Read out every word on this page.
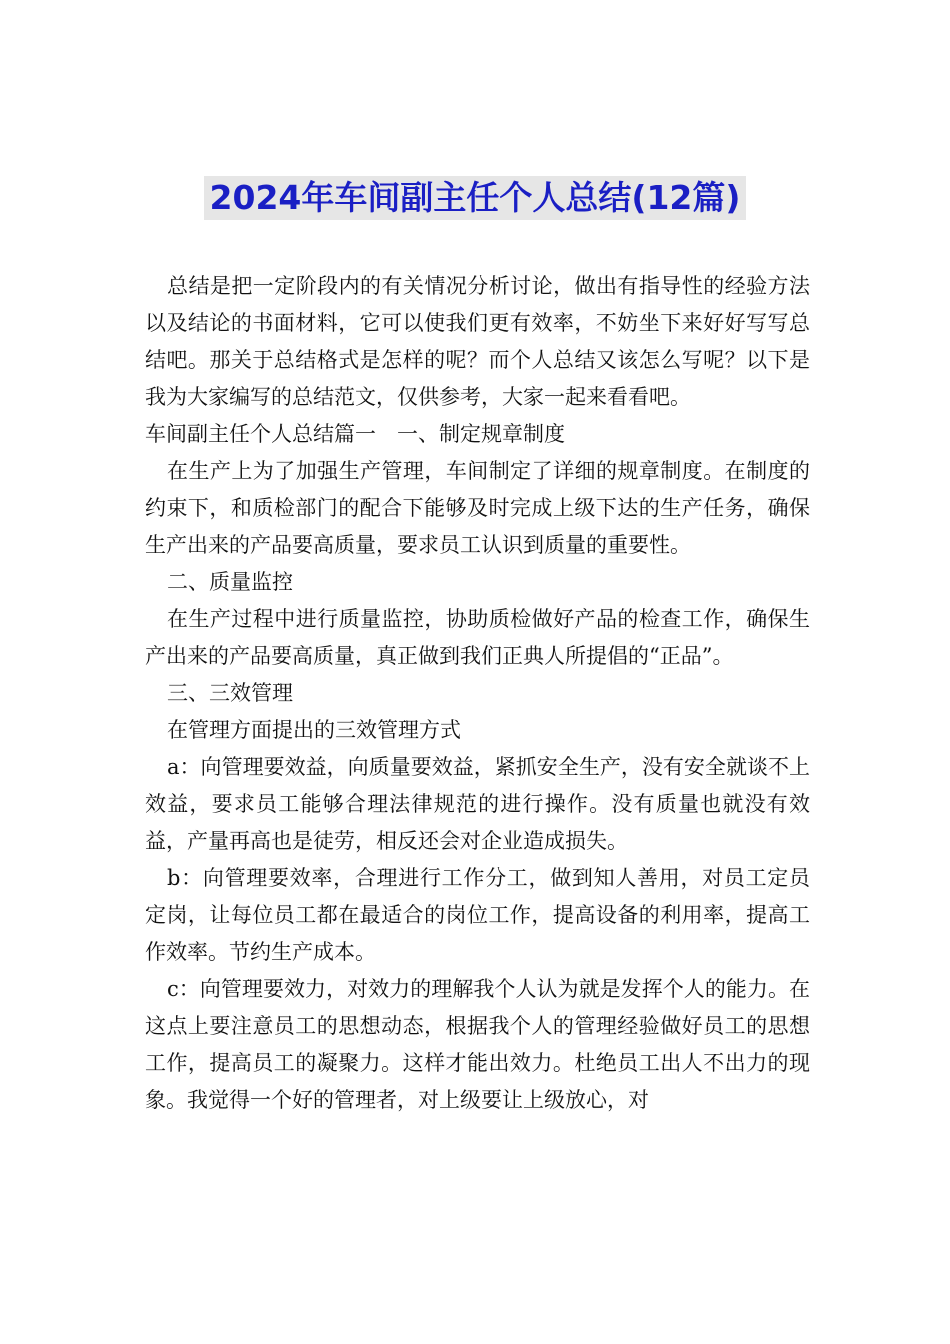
2024年车间副主任个人总结(12篇)

总结是把一定阶段内的有关情况分析讨论，做出有指导性的经验方法以及结论的书面材料，它可以使我们更有效率，不妨坐下来好好写写总结吧。那关于总结格式是怎样的呢？而个人总结又该怎么写呢？以下是我为大家编写的总结范文，仅供参考，大家一起来看看吧。

车间副主任个人总结篇一　一、制定规章制度

在生产上为了加强生产管理，车间制定了详细的规章制度。在制度的约束下，和质检部门的配合下能够及时完成上级下达的生产任务，确保生产出来的产品要高质量，要求员工认识到质量的重要性。

二、质量监控

在生产过程中进行质量监控，协助质检做好产品的检查工作，确保生产出来的产品要高质量，真正做到我们正典人所提倡的“正品”。

三、三效管理

在管理方面提出的三效管理方式

a：向管理要效益，向质量要效益，紧抓安全生产，没有安全就谈不上效益，要求员工能够合理法律规范的进行操作。没有质量也就没有效益，产量再高也是徒劳，相反还会对企业造成损失。

b：向管理要效率，合理进行工作分工，做到知人善用，对员工定员定岗，让每位员工都在最适合的岗位工作，提高设备的利用率，提高工作效率。节约生产成本。

c：向管理要效力，对效力的理解我个人认为就是发挥个人的能力。在这点上要注意员工的思想动态，根据我个人的管理经验做好员工的思想工作，提高员工的凝聚力。这样才能出效力。杜绝员工出人不出力的现象。我觉得一个好的管理者，对上级要让上级放心，对
